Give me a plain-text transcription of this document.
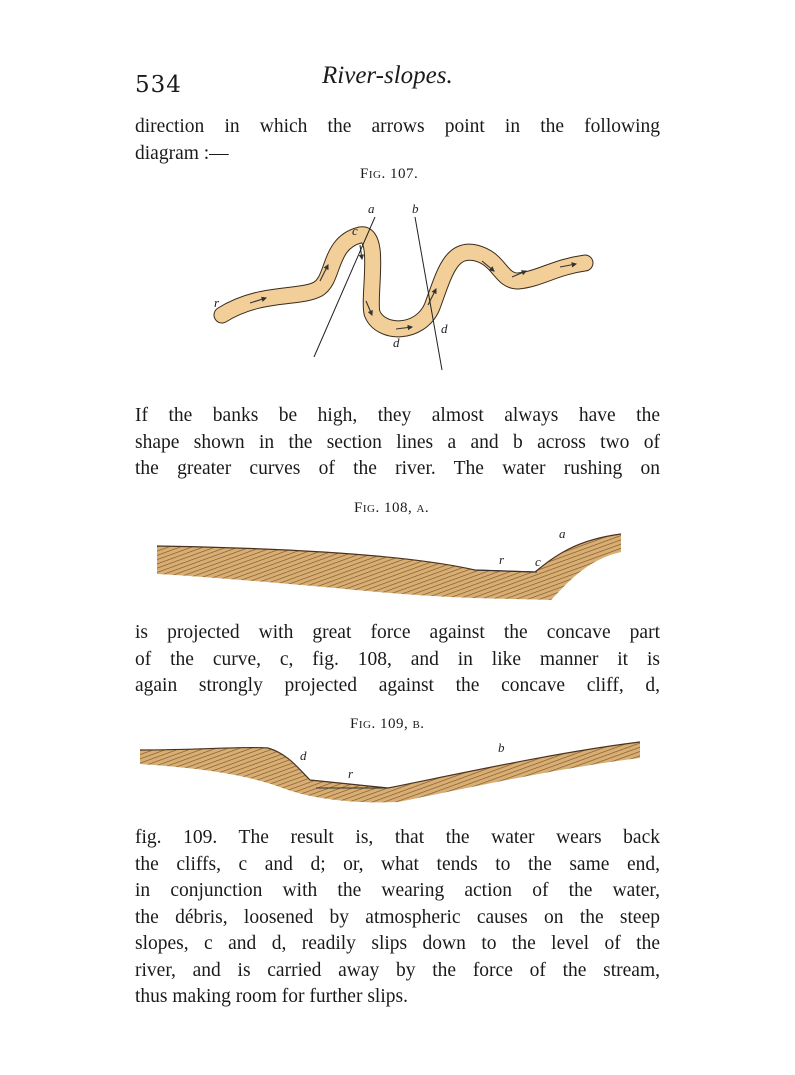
534	River-slopes.
direction in which the arrows point in the following
diagram :—
Fig. 107.
a	b
c
d
d
r
If the banks be high, they almost always have the
shape shown in the section lines a and b across two of
the greater curves of the river. The water rushing on
Fig. 108, a.
a
r c
is projected with great force against the concave part
of the curve, c, fig. 108, and in like manner it is
again strongly projected against the concave cliff, d,
Fig. 109, b.
d
r
b
fig. 109. The result is, that the water wears back
the cliffs, c and d; or, what tends to the same end,
in conjunction with the wearing action of the water,
the débris, loosened by atmospheric causes on the steep
slopes, c and d, readily slips down to the level of the
river, and is carried away by the force of the stream,
thus making room for further slips.
